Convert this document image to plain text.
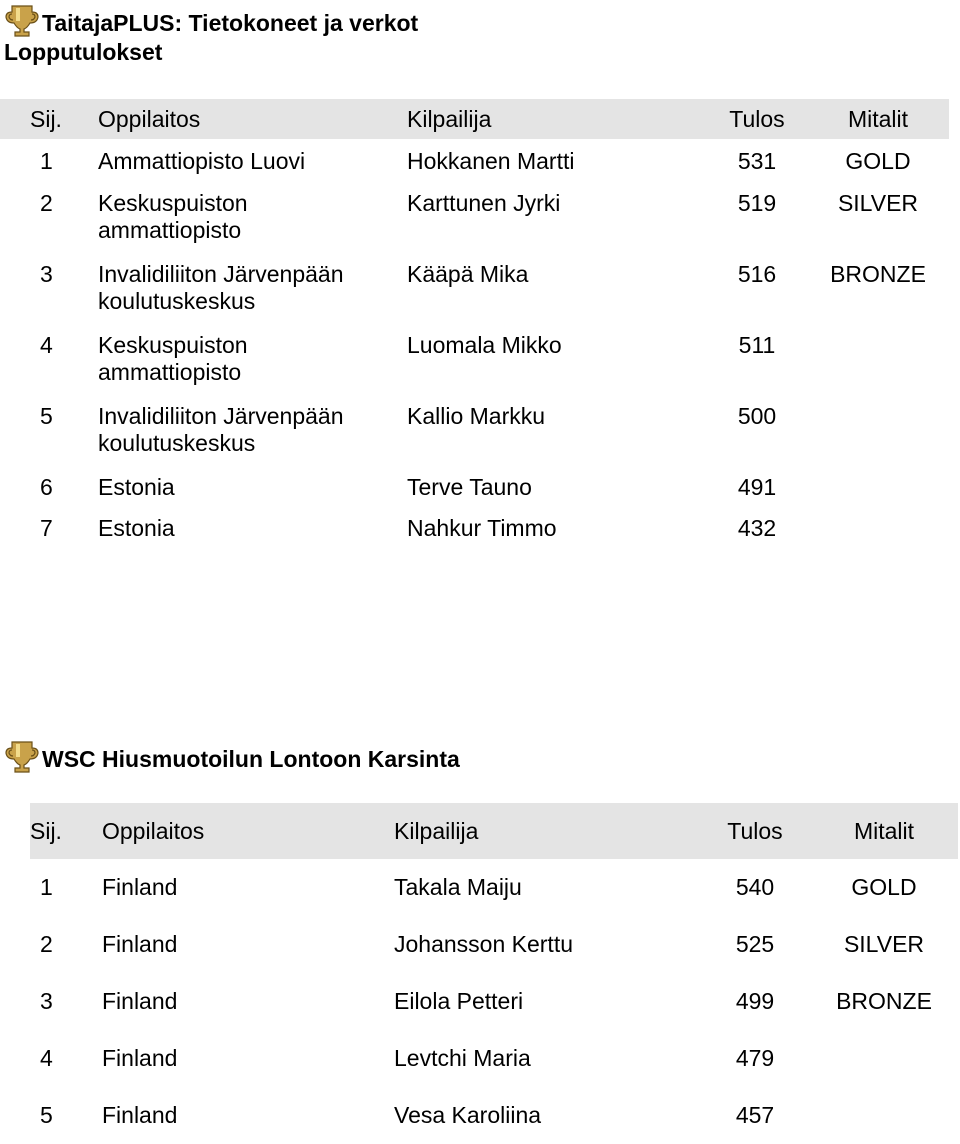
TaitajaPLUS: Tietokoneet ja verkot
Lopputulokset
Sij.	Oppilaitos	Kilpailija	Tulos	Mitalit
1	Ammattiopisto Luovi	Hokkanen Martti	531	GOLD
2	Keskuspuiston ammattiopisto	Karttunen Jyrki	519	SILVER
3	Invalidiliiton Järvenpään koulutuskeskus	Kääpä Mika	516	BRONZE
4	Keskuspuiston ammattiopisto	Luomala Mikko	511	
5	Invalidiliiton Järvenpään koulutuskeskus	Kallio Markku	500	
6	Estonia	Terve Tauno	491	
7	Estonia	Nahkur Timmo	432	
WSC Hiusmuotoilun Lontoon Karsinta
Sij.	Oppilaitos	Kilpailija	Tulos	Mitalit
1	Finland	Takala Maiju	540	GOLD
2	Finland	Johansson Kerttu	525	SILVER
3	Finland	Eilola Petteri	499	BRONZE
4	Finland	Levtchi Maria	479	
5	Finland	Vesa Karoliina	457	
